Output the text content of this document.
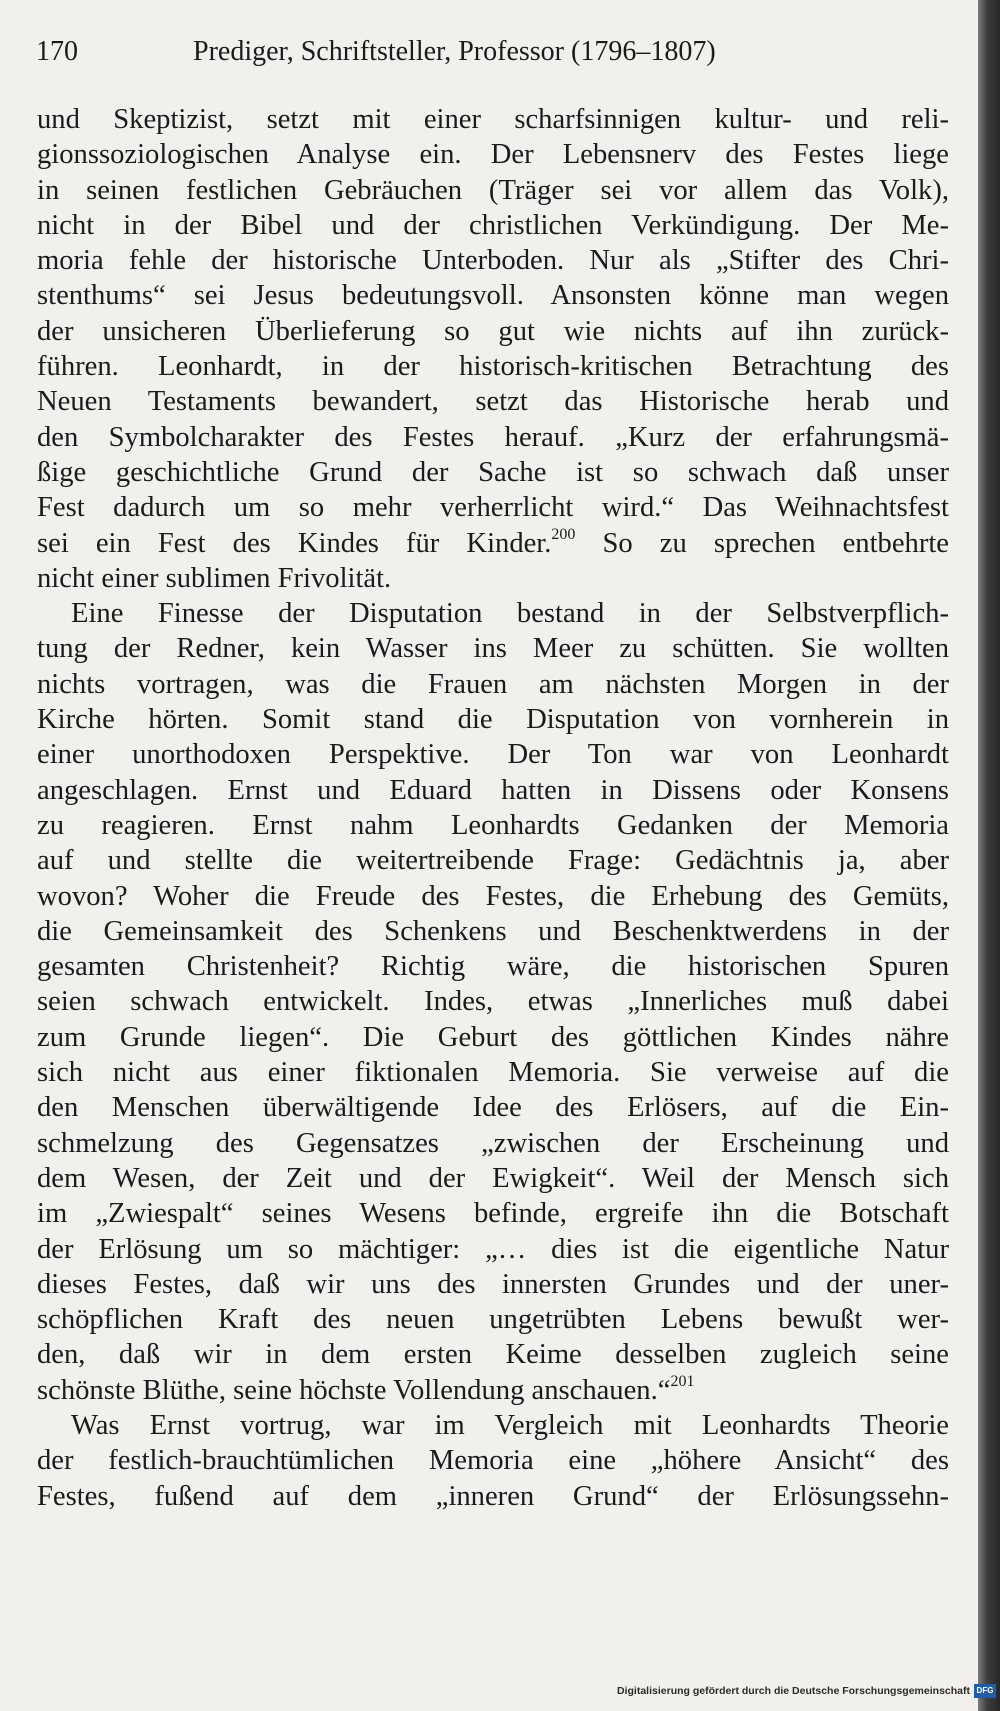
170	Prediger, Schriftsteller, Professor (1796–1807)
und Skeptizist, setzt mit einer scharfsinnigen kultur- und reli-
gionssoziologischen Analyse ein. Der Lebensnerv des Festes liege
in seinen festlichen Gebräuchen (Träger sei vor allem das Volk),
nicht in der Bibel und der christlichen Verkündigung. Der Me-
moria fehle der historische Unterboden. Nur als „Stifter des Chri-
stenthums“ sei Jesus bedeutungsvoll. Ansonsten könne man wegen
der unsicheren Überlieferung so gut wie nichts auf ihn zurück-
führen. Leonhardt, in der historisch-kritischen Betrachtung des
Neuen Testaments bewandert, setzt das Historische herab und
den Symbolcharakter des Festes herauf. „Kurz der erfahrungsmä-
ßige geschichtliche Grund der Sache ist so schwach daß unser
Fest dadurch um so mehr verherrlicht wird.“ Das Weihnachtsfest
sei ein Fest des Kindes für Kinder.$^{200}$ So zu sprechen entbehrte
nicht einer sublimen Frivolität.
Eine Finesse der Disputation bestand in der Selbstverpflich-
tung der Redner, kein Wasser ins Meer zu schütten. Sie wollten
nichts vortragen, was die Frauen am nächsten Morgen in der
Kirche hörten. Somit stand die Disputation von vornherein in
einer unorthodoxen Perspektive. Der Ton war von Leonhardt
angeschlagen. Ernst und Eduard hatten in Dissens oder Konsens
zu reagieren. Ernst nahm Leonhardts Gedanken der Memoria
auf und stellte die weitertreibende Frage: Gedächtnis ja, aber
wovon? Woher die Freude des Festes, die Erhebung des Gemüts,
die Gemeinsamkeit des Schenkens und Beschenktwerdens in der
gesamten Christenheit? Richtig wäre, die historischen Spuren
seien schwach entwickelt. Indes, etwas „Innerliches muß dabei
zum Grunde liegen“. Die Geburt des göttlichen Kindes nähre
sich nicht aus einer fiktionalen Memoria. Sie verweise auf die
den Menschen überwältigende Idee des Erlösers, auf die Ein-
schmelzung des Gegensatzes „zwischen der Erscheinung und
dem Wesen, der Zeit und der Ewigkeit“. Weil der Mensch sich
im „Zwiespalt“ seines Wesens befinde, ergreife ihn die Botschaft
der Erlösung um so mächtiger: „… dies ist die eigentliche Natur
dieses Festes, daß wir uns des innersten Grundes und der uner-
schöpflichen Kraft des neuen ungetrübten Lebens bewußt wer-
den, daß wir in dem ersten Keime desselben zugleich seine
schönste Blüthe, seine höchste Vollendung anschauen.“$^{201}$
Was Ernst vortrug, war im Vergleich mit Leonhardts Theorie
der festlich-brauchtümlichen Memoria eine „höhere Ansicht“ des
Festes, fußend auf dem „inneren Grund“ der Erlösungssehn-
Digitalisierung gefördert durch die Deutsche Forschungsgemeinschaft DFG
